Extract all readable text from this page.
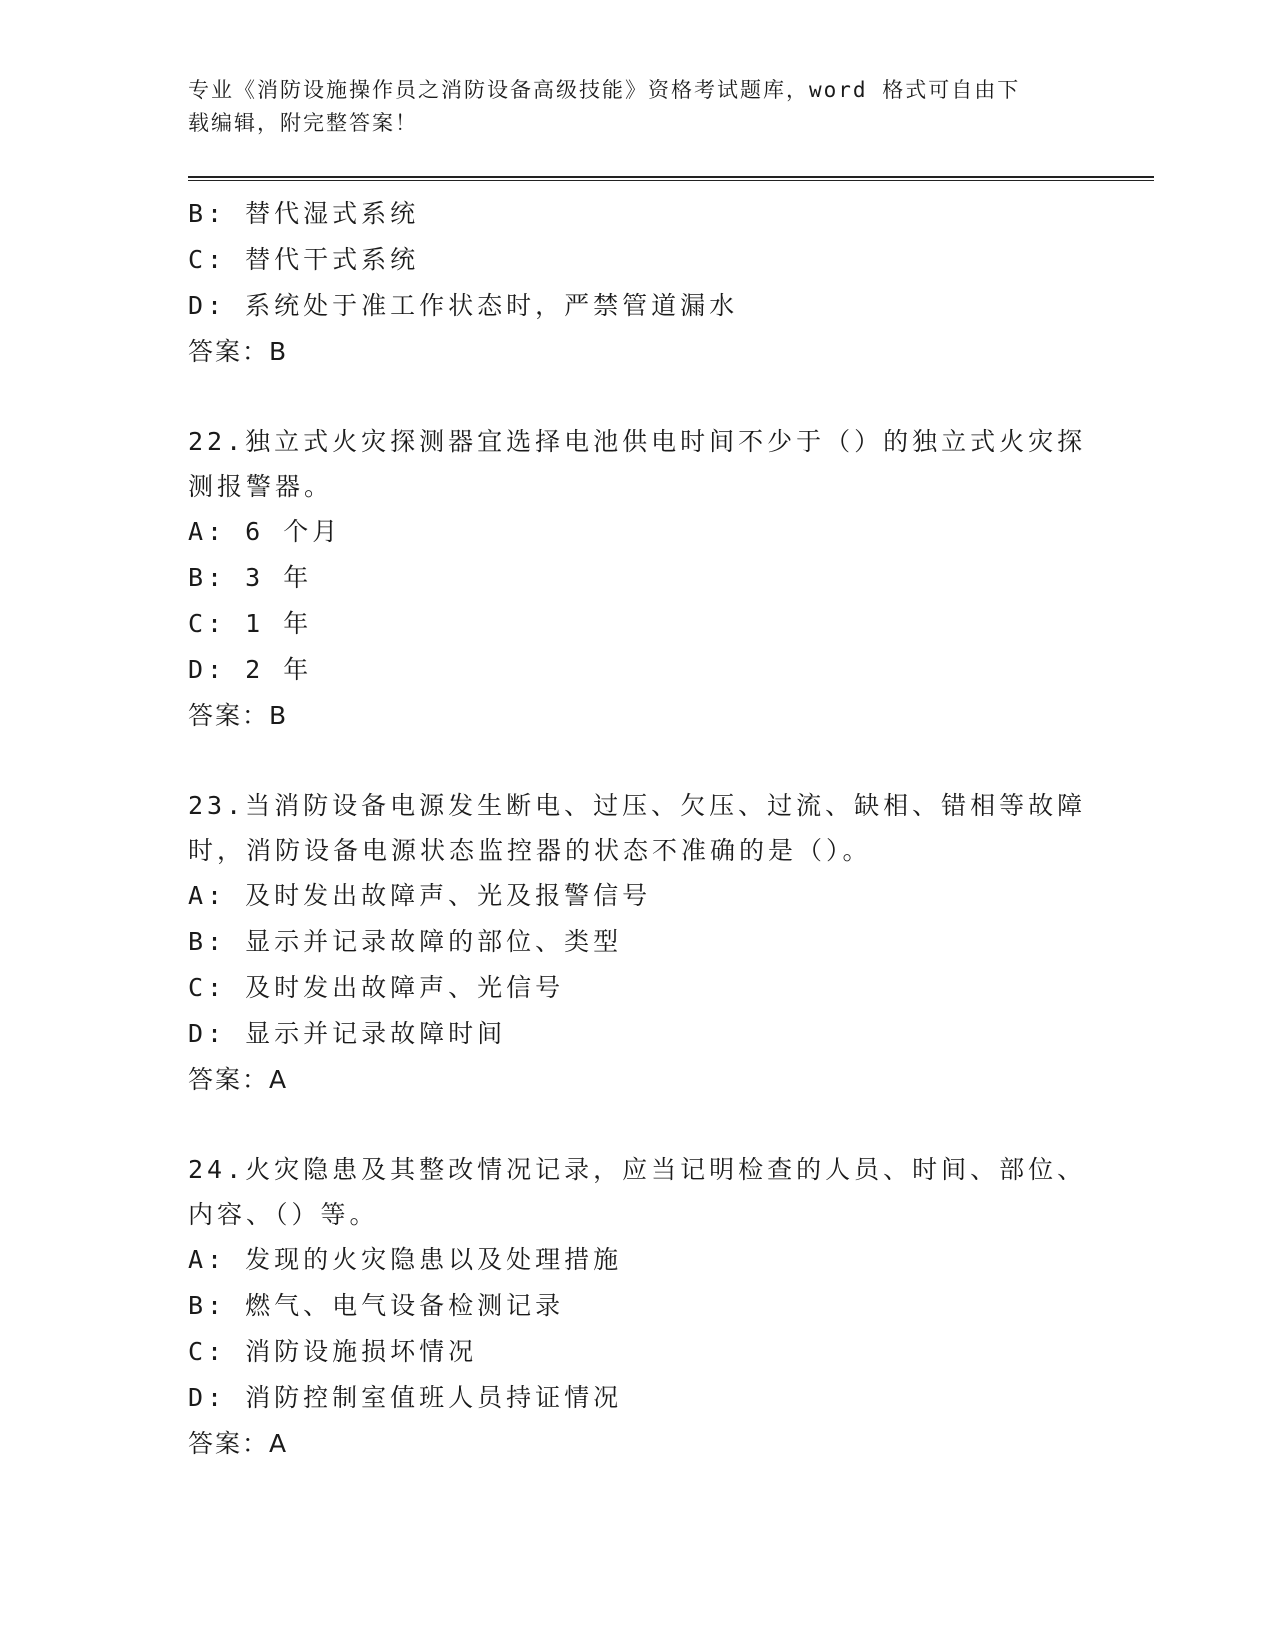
专业《消防设施操作员之消防设备高级技能》资格考试题库，word 格式可自由下
载编辑，附完整答案！

B: 替代湿式系统

C: 替代干式系统

D: 系统处于准工作状态时，严禁管道漏水

答案：B

22.独立式火灾探测器宜选择电池供电时间不少于（）的独立式火灾探

测报警器。

A: 6 个月

B: 3 年

C: 1 年

D: 2 年

答案：B

23.当消防设备电源发生断电、过压、欠压、过流、缺相、错相等故障

时，消防设备电源状态监控器的状态不准确的是（）。

A: 及时发出故障声、光及报警信号

B: 显示并记录故障的部位、类型

C: 及时发出故障声、光信号

D: 显示并记录故障时间

答案：A

24.火灾隐患及其整改情况记录，应当记明检查的人员、时间、部位、

内容、（）等。

A: 发现的火灾隐患以及处理措施

B: 燃气、电气设备检测记录

C: 消防设施损坏情况

D: 消防控制室值班人员持证情况

答案：A
